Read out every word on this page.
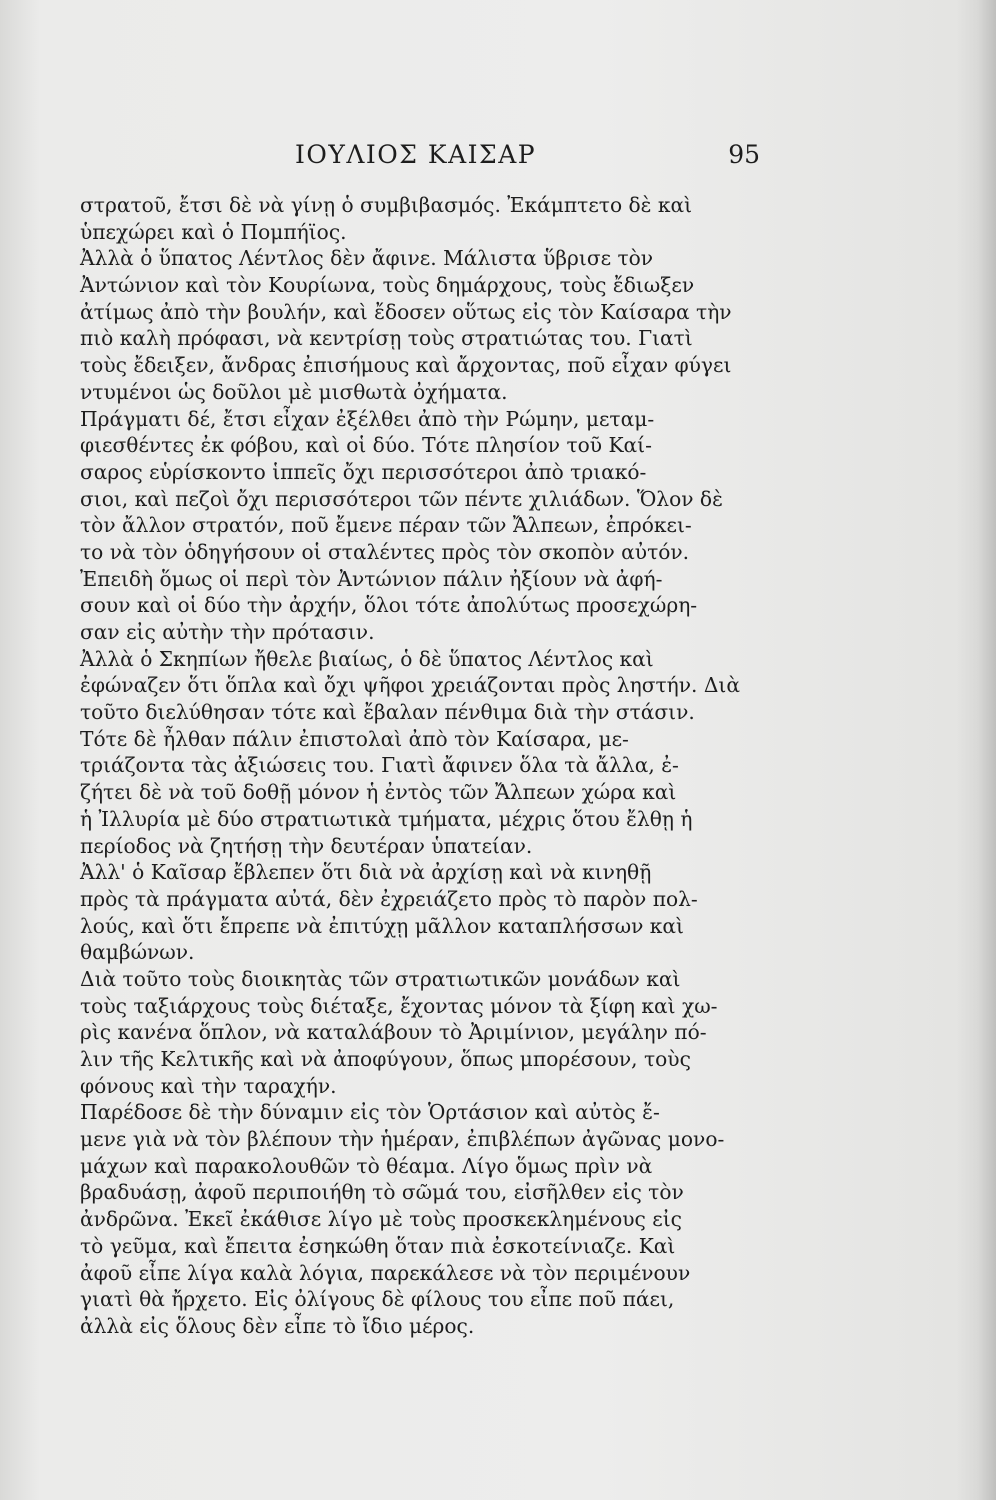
ΙΟΥΛΙΟΣ ΚΑΙΣΑΡ	95
στρατοῦ, ἔτσι δὲ νὰ γίνῃ ὁ συμβιβασμός. Ἐκάμπτετο δὲ καὶ
ὑπεχώρει καὶ ὁ Πομπήϊος.
Ἀλλὰ ὁ ὕπατος Λέντλος δὲν ἄφινε. Μάλιστα ὕβρισε τὸν
Ἀντώνιον καὶ τὸν Κουρίωνα, τοὺς δημάρχους, τοὺς ἔδιωξεν
ἀτίμως ἀπὸ τὴν βουλήν, καὶ ἔδοσεν οὕτως εἰς τὸν Καίσαρα τὴν
πιὸ καλὴ πρόφασι, νὰ κεντρίσῃ τοὺς στρατιώτας του. Γιατὶ
τοὺς ἔδειξεν, ἄνδρας ἐπισήμους καὶ ἄρχοντας, ποῦ εἶχαν φύγει
ντυμένοι ὡς δοῦλοι μὲ μισθωτὰ ὀχήματα.
Πράγματι δέ, ἔτσι εἶχαν ἐξέλθει ἀπὸ τὴν Ρώμην, μεταμ-
φιεσθέντες ἐκ φόβου, καὶ οἱ δύο. Τότε πλησίον τοῦ Καί-
σαρος εὑρίσκοντο ἱππεῖς ὄχι περισσότεροι ἀπὸ τριακό-
σιοι, καὶ πεζοὶ ὄχι περισσότεροι τῶν πέντε χιλιάδων. Ὅλον δὲ
τὸν ἄλλον στρατόν, ποῦ ἔμενε πέραν τῶν Ἄλπεων, ἐπρόκει-
το νὰ τὸν ὁδηγήσουν οἱ σταλέντες πρὸς τὸν σκοπὸν αὐτόν.
Ἐπειδὴ ὅμως οἱ περὶ τὸν Ἀντώνιον πάλιν ἠξίουν νὰ ἀφή-
σουν καὶ οἱ δύο τὴν ἀρχήν, ὅλοι τότε ἀπολύτως προσεχώρη-
σαν εἰς αὐτὴν τὴν πρότασιν.
Ἀλλὰ ὁ Σκηπίων ἤθελε βιαίως, ὁ δὲ ὕπατος Λέντλος καὶ
ἐφώναζεν ὅτι ὅπλα καὶ ὄχι ψῆφοι χρειάζονται πρὸς ληστήν. Διὰ
τοῦτο διελύθησαν τότε καὶ ἔβαλαν πένθιμα διὰ τὴν στάσιν.
Τότε δὲ ἦλθαν πάλιν ἐπιστολαὶ ἀπὸ τὸν Καίσαρα, με-
τριάζοντα τὰς ἀξιώσεις του. Γιατὶ ἄφινεν ὅλα τὰ ἄλλα, ἐ-
ζήτει δὲ νὰ τοῦ δοθῇ μόνον ἡ ἐντὸς τῶν Ἄλπεων χώρα καὶ
ἡ Ἰλλυρία μὲ δύο στρατιωτικὰ τμήματα, μέχρις ὅτου ἔλθῃ ἡ
περίοδος νὰ ζητήσῃ τὴν δευτέραν ὑπατείαν.
Ἀλλ' ὁ Καῖσαρ ἔβλεπεν ὅτι διὰ νὰ ἀρχίσῃ καὶ νὰ κινηθῇ
πρὸς τὰ πράγματα αὐτά, δὲν ἐχρειάζετο πρὸς τὸ παρὸν πολ-
λούς, καὶ ὅτι ἔπρεπε νὰ ἐπιτύχῃ μᾶλλον καταπλήσσων καὶ
θαμβώνων.
Διὰ τοῦτο τοὺς διοικητὰς τῶν στρατιωτικῶν μονάδων καὶ
τοὺς ταξιάρχους τοὺς διέταξε, ἔχοντας μόνον τὰ ξίφη καὶ χω-
ρὶς κανένα ὅπλον, νὰ καταλάβουν τὸ Ἀριμίνιον, μεγάλην πό-
λιν τῆς Κελτικῆς καὶ νὰ ἀποφύγουν, ὅπως μπορέσουν, τοὺς
φόνους καὶ τὴν ταραχήν.
Παρέδοσε δὲ τὴν δύναμιν εἰς τὸν Ὁρτάσιον καὶ αὐτὸς ἔ-
μενε γιὰ νὰ τὸν βλέπουν τὴν ἡμέραν, ἐπιβλέπων ἀγῶνας μονο-
μάχων καὶ παρακολουθῶν τὸ θέαμα. Λίγο ὅμως πρὶν νὰ
βραδυάσῃ, ἀφοῦ περιποιήθη τὸ σῶμά του, εἰσῆλθεν εἰς τὸν
ἀνδρῶνα. Ἐκεῖ ἐκάθισε λίγο μὲ τοὺς προσκεκλημένους εἰς
τὸ γεῦμα, καὶ ἔπειτα ἐσηκώθη ὅταν πιὰ ἐσκοτείνιαζε. Καὶ
ἀφοῦ εἶπε λίγα καλὰ λόγια, παρεκάλεσε νὰ τὸν περιμένουν
γιατὶ θὰ ἤρχετο. Εἰς ὀλίγους δὲ φίλους του εἶπε ποῦ πάει,
ἀλλὰ εἰς ὅλους δὲν εἶπε τὸ ἴδιο μέρος.
